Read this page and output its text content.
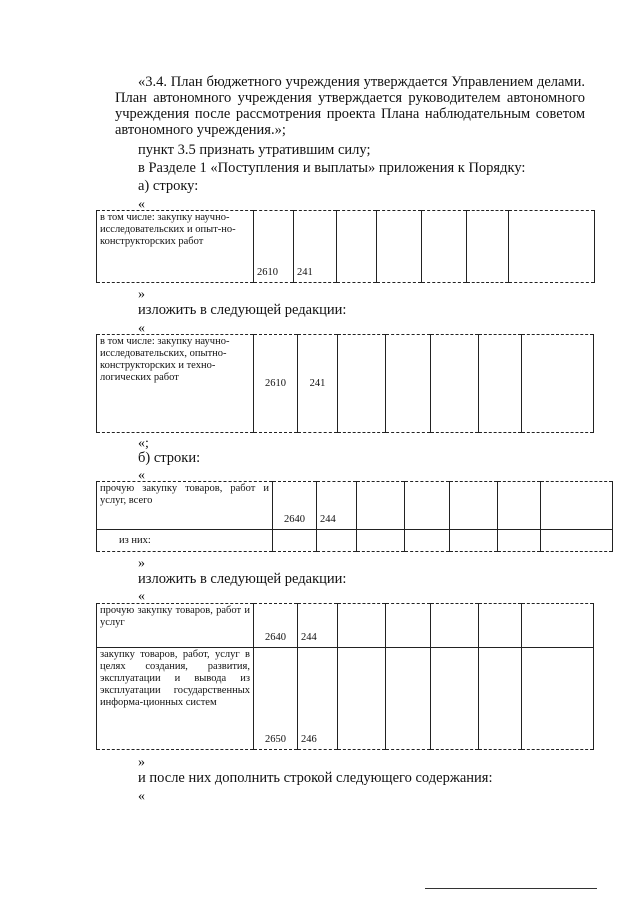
«3.4. План бюджетного учреждения утверждается Управлением делами. План автономного учреждения утверждается руководителем автономного учреждения после рассмотрения проекта Плана наблюдательным советом автономного учреждения.»;
пункт 3.5 признать утратившим силу;
в Разделе 1 «Поступления и выплаты» приложения к Порядку:
а) строку:
«
в том числе: закупку научно-исследовательских и опыт-но-конструкторских работ	2610	241					
»
изложить в следующей редакции:
«
в том числе: закупку научно-исследовательских, опытно-конструкторских и техно-логических работ	2610	241					
«;
б) строки:
«
прочую закупку товаров, работ и услуг, всего	2640	244					
из них:							
»
изложить в следующей редакции:
«
прочую закупку товаров, работ и услуг	2640	244					
закупку товаров, работ, услуг в целях создания, развития, эксплуатации и вывода из эксплуатации государственных информа-ционных систем	2650	246					
»
и после них дополнить строкой следующего содержания:
«
